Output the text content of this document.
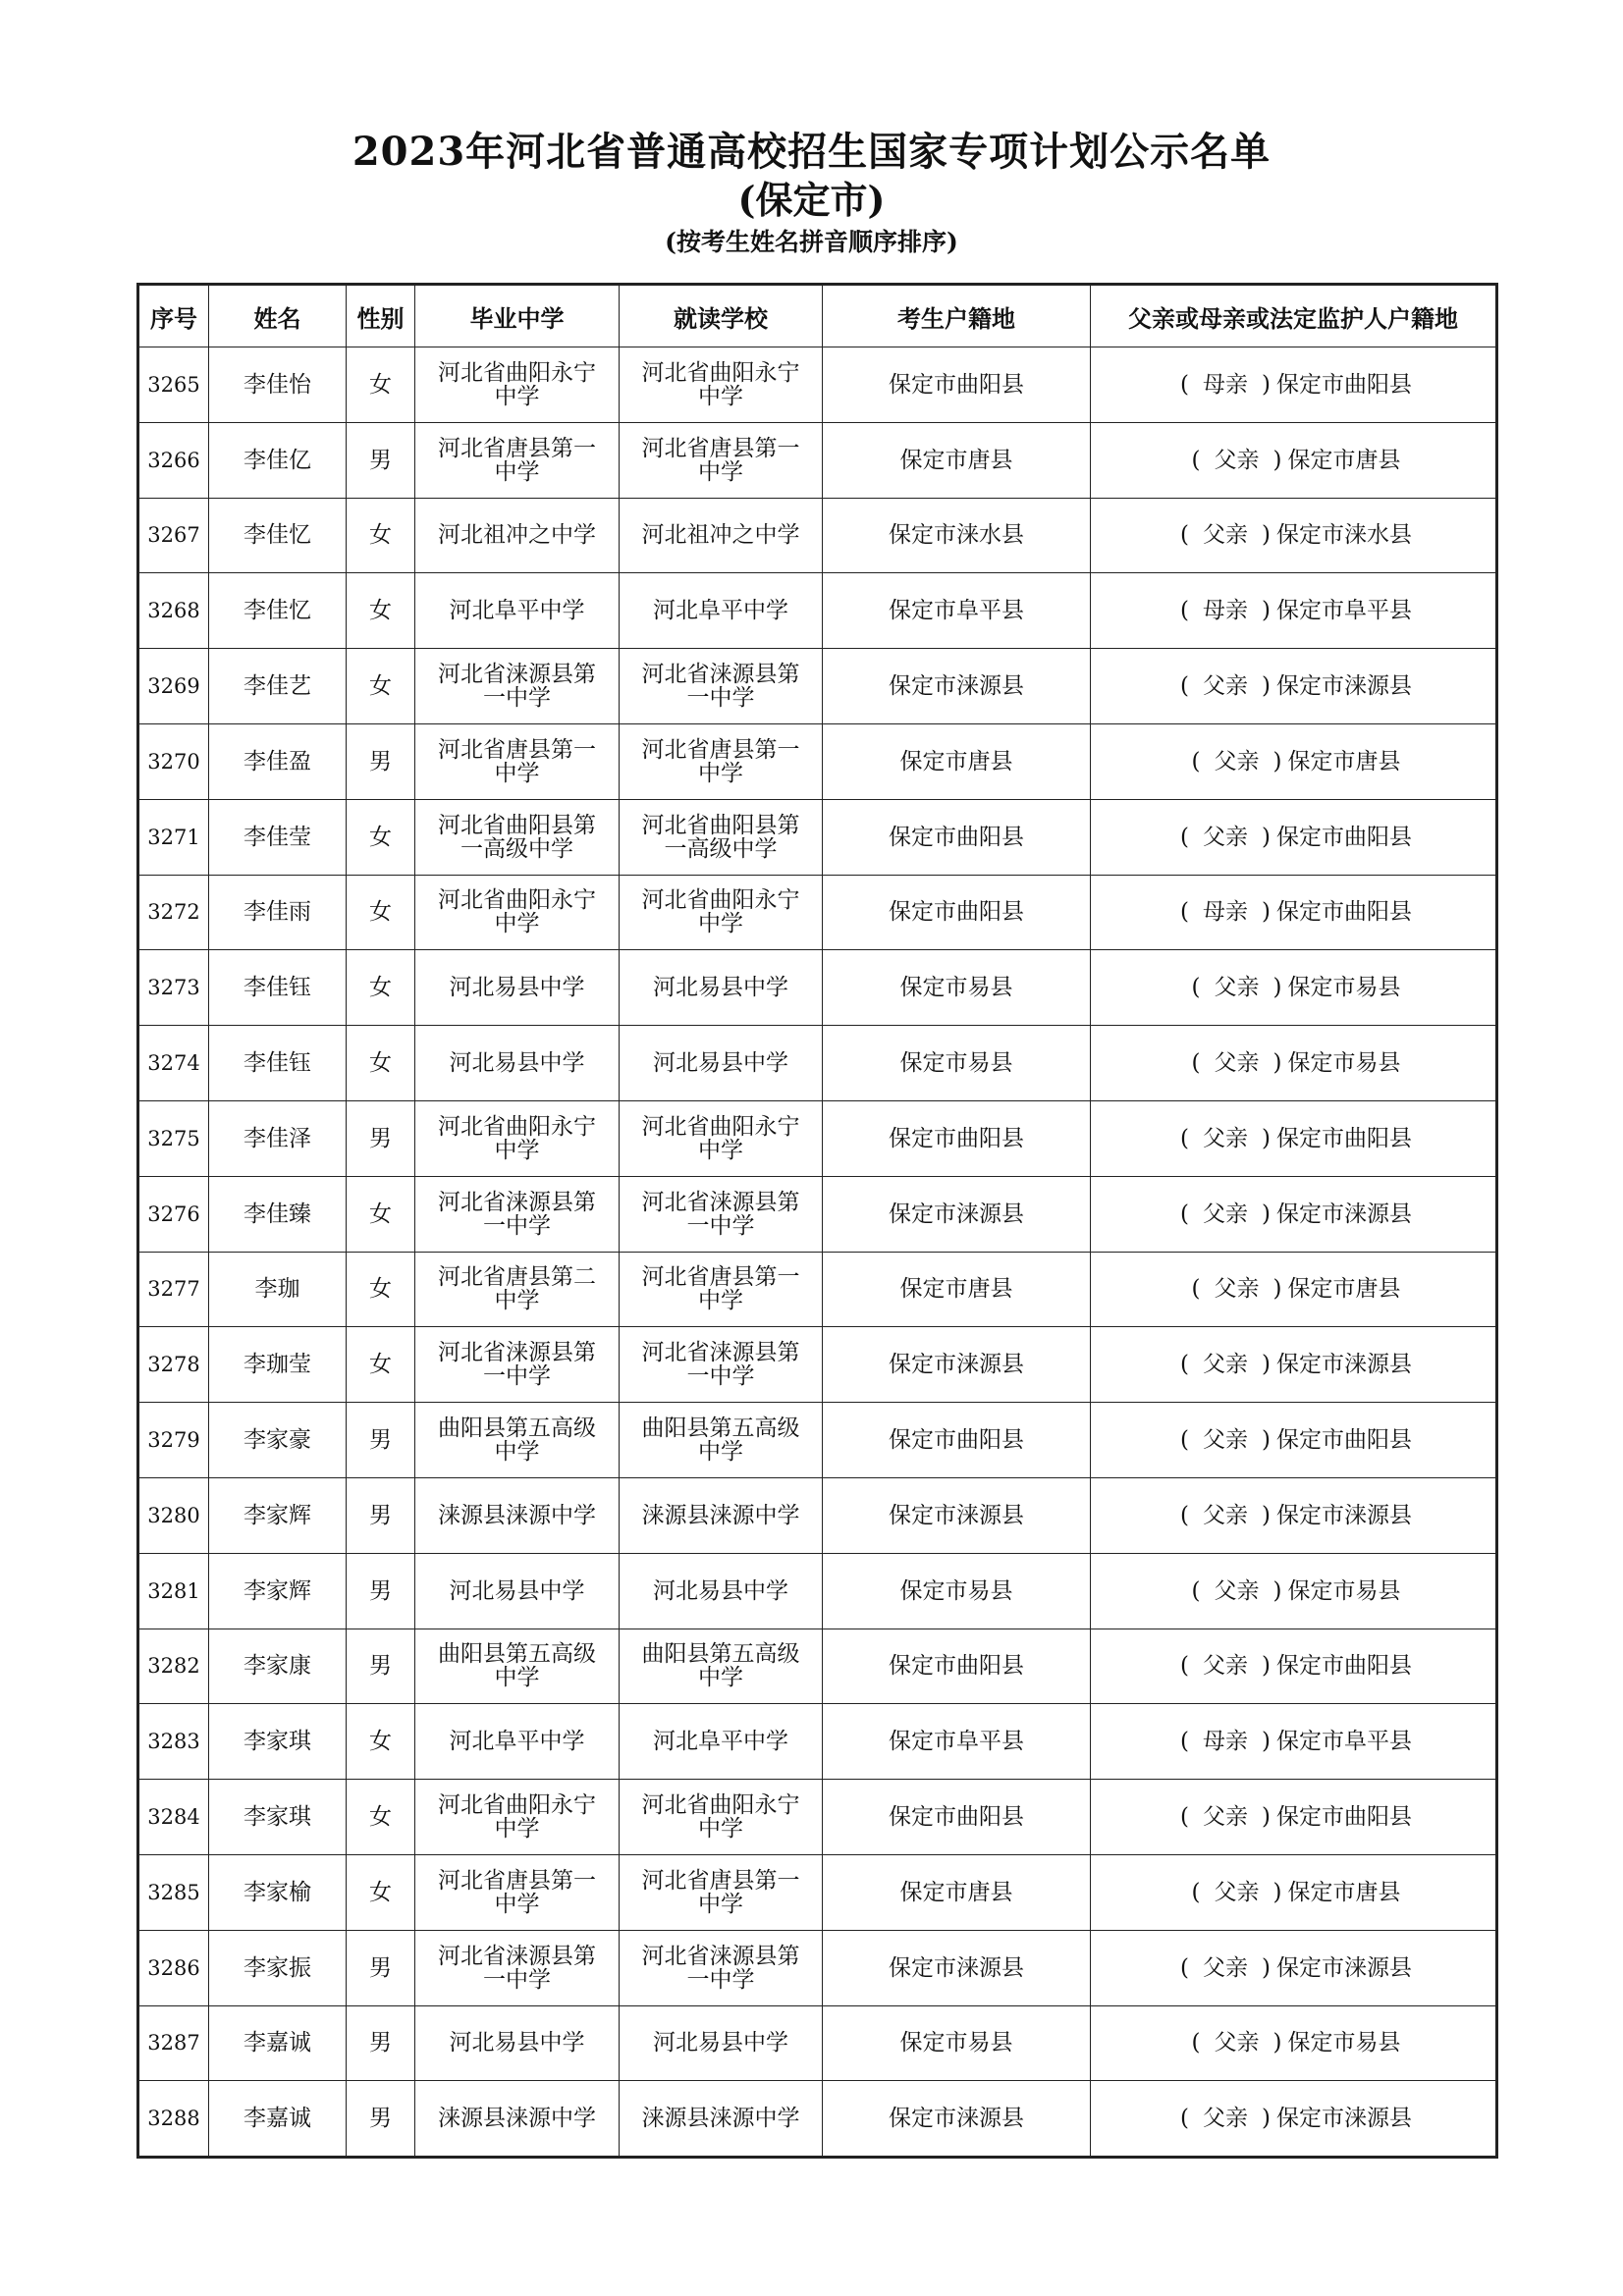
2023年河北省普通高校招生国家专项计划公示名单
(保定市)
(按考生姓名拼音顺序排序)
序号	姓名	性别	毕业中学	就读学校	考生户籍地	父亲或母亲或法定监护人户籍地
3265	李佳怡	女	河北省曲阳永宁中学	河北省曲阳永宁中学	保定市曲阳县	( 母亲 ) 保定市曲阳县
3266	李佳亿	男	河北省唐县第一中学	河北省唐县第一中学	保定市唐县	( 父亲 ) 保定市唐县
3267	李佳忆	女	河北祖冲之中学	河北祖冲之中学	保定市涞水县	( 父亲 ) 保定市涞水县
3268	李佳忆	女	河北阜平中学	河北阜平中学	保定市阜平县	( 母亲 ) 保定市阜平县
3269	李佳艺	女	河北省涞源县第一中学	河北省涞源县第一中学	保定市涞源县	( 父亲 ) 保定市涞源县
3270	李佳盈	男	河北省唐县第一中学	河北省唐县第一中学	保定市唐县	( 父亲 ) 保定市唐县
3271	李佳莹	女	河北省曲阳县第一高级中学	河北省曲阳县第一高级中学	保定市曲阳县	( 父亲 ) 保定市曲阳县
3272	李佳雨	女	河北省曲阳永宁中学	河北省曲阳永宁中学	保定市曲阳县	( 母亲 ) 保定市曲阳县
3273	李佳钰	女	河北易县中学	河北易县中学	保定市易县	( 父亲 ) 保定市易县
3274	李佳钰	女	河北易县中学	河北易县中学	保定市易县	( 父亲 ) 保定市易县
3275	李佳泽	男	河北省曲阳永宁中学	河北省曲阳永宁中学	保定市曲阳县	( 父亲 ) 保定市曲阳县
3276	李佳臻	女	河北省涞源县第一中学	河北省涞源县第一中学	保定市涞源县	( 父亲 ) 保定市涞源县
3277	李珈	女	河北省唐县第二中学	河北省唐县第一中学	保定市唐县	( 父亲 ) 保定市唐县
3278	李珈莹	女	河北省涞源县第一中学	河北省涞源县第一中学	保定市涞源县	( 父亲 ) 保定市涞源县
3279	李家豪	男	曲阳县第五高级中学	曲阳县第五高级中学	保定市曲阳县	( 父亲 ) 保定市曲阳县
3280	李家辉	男	涞源县涞源中学	涞源县涞源中学	保定市涞源县	( 父亲 ) 保定市涞源县
3281	李家辉	男	河北易县中学	河北易县中学	保定市易县	( 父亲 ) 保定市易县
3282	李家康	男	曲阳县第五高级中学	曲阳县第五高级中学	保定市曲阳县	( 父亲 ) 保定市曲阳县
3283	李家琪	女	河北阜平中学	河北阜平中学	保定市阜平县	( 母亲 ) 保定市阜平县
3284	李家琪	女	河北省曲阳永宁中学	河北省曲阳永宁中学	保定市曲阳县	( 父亲 ) 保定市曲阳县
3285	李家榆	女	河北省唐县第一中学	河北省唐县第一中学	保定市唐县	( 父亲 ) 保定市唐县
3286	李家振	男	河北省涞源县第一中学	河北省涞源县第一中学	保定市涞源县	( 父亲 ) 保定市涞源县
3287	李嘉诚	男	河北易县中学	河北易县中学	保定市易县	( 父亲 ) 保定市易县
3288	李嘉诚	男	涞源县涞源中学	涞源县涞源中学	保定市涞源县	( 父亲 ) 保定市涞源县
